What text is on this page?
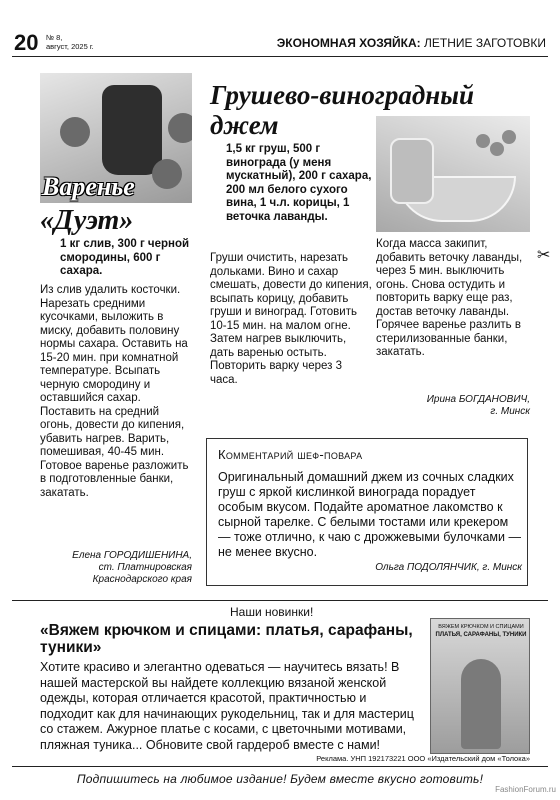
20 № 8,
август, 2025 г.	ЭКОНОМНАЯ ХОЗЯЙКА: ЛЕТНИЕ ЗАГОТОВКИ
Варенье
«Дуэт»
1 кг слив, 300 г черной смородины, 600 г сахара.
Из слив удалить косточки. Нарезать средними кусочками, выложить в миску, добавить половину нормы сахара. Оставить на 15-20 мин. при комнатной температуре. Всыпать черную смородину и оставшийся сахар. Поставить на средний огонь, довести до кипения, убавить нагрев. Варить, помешивая, 40-45 мин. Готовое варенье разложить в подготовленные банки, закатать.
Елена ГОРОДИШЕНИНА,
ст. Платнировская
Краснодарского края
Грушево-виноградный
джем
1,5 кг груш, 500 г винограда (у меня мускатный), 200 г сахара, 200 мл белого сухого вина, 1 ч.л. корицы, 1 веточка лаванды.
Груши очистить, нарезать дольками. Вино и сахар смешать, довести до кипения, всыпать корицу, добавить груши и виноград. Готовить 10-15 мин. на малом огне. Затем нагрев выключить, дать варенью остыть. Повторить варку через 3 часа.
Когда масса закипит, добавить веточку лаванды, через 5 мин. выключить огонь. Снова остудить и повторить варку еще раз, достав веточку лаванды. Горячее варенье разлить в стерилизованные банки, закатать.
Ирина БОГДАНОВИЧ,
г. Минск
✂
Комментарий шеф-повара
Оригинальный домашний джем из сочных сладких груш с яркой кислинкой винограда порадует особым вкусом. Подайте ароматное лакомство к сырной тарелке. С белыми тостами или крекером — тоже отлично, к чаю с дрожжевыми булочками — не менее вкусно.
Ольга ПОДОЛЯНЧИК, г. Минск
Наши новинки!
«Вяжем крючком и спицами: платья, сарафаны, туники»
Хотите красиво и элегантно одеваться — научитесь вязать! В нашей мастерской вы найдете коллекцию вязаной женской одежды, которая отличается красотой, практичностью и подходит как для начинающих рукодельниц, так и для мастериц со стажем. Ажурное платье с косами, с цветочными мотивами, пляжная туника... Обновите свой гардероб вместе с нами!
ВЯЖЕМ КРЮЧКОМ И СПИЦАМИ
ПЛАТЬЯ, САРАФАНЫ, ТУНИКИ
Реклама. УНП 192173221 ООО «Издательский дом «Толока»
Подпишитесь на любимое издание! Будем вместе вкусно готовить!
FashionForum.ru
